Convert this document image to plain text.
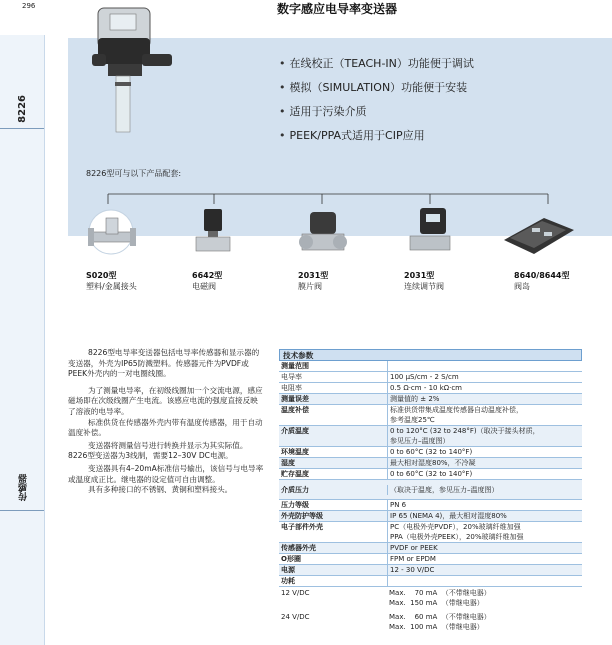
296	数字感应电导率变送器
8226
传感器
• 在线校正（TEACH-IN）功能便于调试
• 模拟（SIMULATION）功能便于安装
• 适用于污染介质
• PEEK/PPA式适用于CIP应用
8226型可与以下产品配套:
S020型
塑料/金属接头
6642型
电磁阀
2031型
膜片阀
2031型
连续调节阀
8640/8644型
阀岛

8226型电导率变送器包括电导率传感器和显示器的变送器，外壳为IP65防溅塑料。传感器元件为PVDF或PEEK外壳内的一对电圈线圈。

为了测量电导率，在初级线圈加一个交流电源，感应磁场即在次级线圈产生电流。该感应电流的强度直接反映了溶液的电导率。

标准供货在传感器外壳内带有温度传感器，用于自动温度补偿。

变送器将测量信号进行转换并显示为其实际值。8226型变送器为3线制，需要12–30V DC电源。

变送器具有4–20mA标准信号输出，该信号与电导率或温度成正比。继电器的设定值可自由调整。

具有多种接口的不锈钢、黄铜和塑料接头。

技术参数
测量范围
电导率	100 μS/cm - 2 S/cm
电阻率	0.5 Ω·cm - 10 kΩ·cm
测量误差	测量值的 ± 2%
温度补偿	标准供货带集成温度传感器自动温度补偿，
参考温度25℃
介质温度	0 to 120°C (32 to 248°F)（取决于接头材质，
参见压力–温度图）
环境温度	0 to 60°C (32 to 140°F)
湿度	最大相对湿度80%，不冷凝
贮存温度	0 to 60°C (32 to 140°F)
介质压力	（取决于温度，参见压力–温度图）
压力等级	PN 6
外壳防护等级	IP 65 (NEMA 4)，最大相对湿度80%
电子部件外壳	PC（电极外壳PVDF），20%玻璃纤维加强
PPA（电极外壳PEEK），20%玻璃纤维加强
传感器外壳	PVDF or PEEK
O形圈	FPM or EPDM
电源	12 - 30 V/DC
功耗
12 V/DC	Max.    70 mA  （不带继电器）
Max.  150 mA  （带继电器）
24 V/DC	Max.    60 mA  （不带继电器）
Max.  100 mA  （带继电器）
